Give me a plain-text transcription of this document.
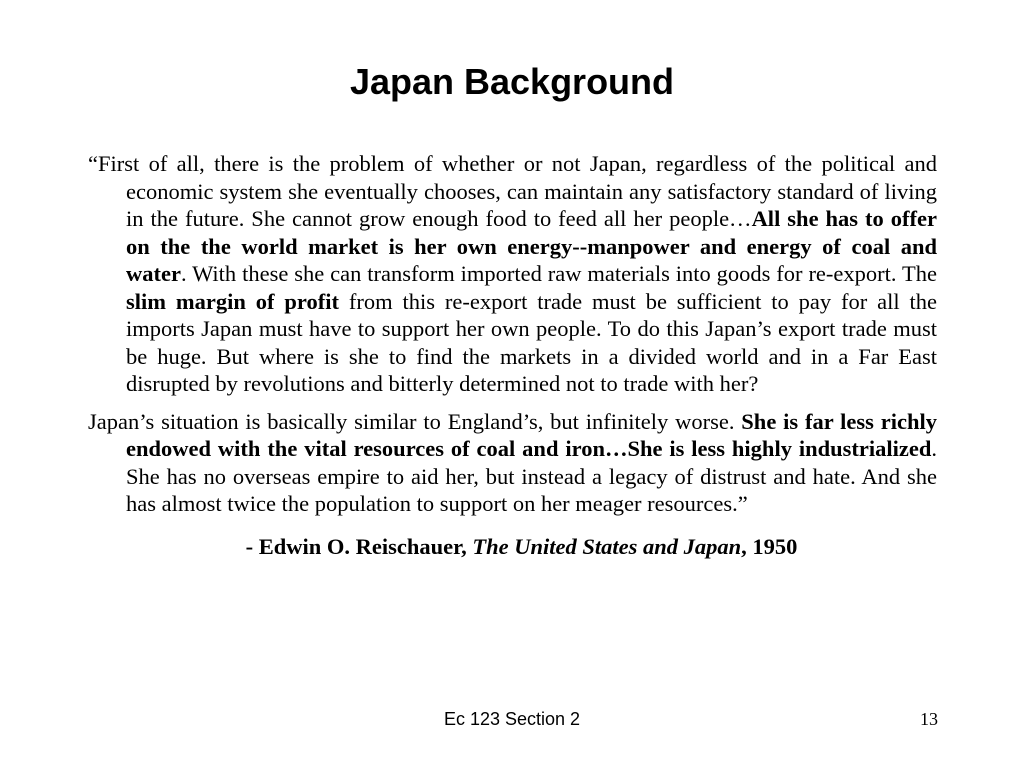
Japan Background

“First of all, there is the problem of whether or not Japan, regardless of the political and economic system she eventually chooses, can maintain any satisfactory standard of living in the future. She cannot grow enough food to feed all her people…All she has to offer on the the world market is her own energy--manpower and energy of coal and water. With these she can transform imported raw materials into goods for re-export. The slim margin of profit from this re-export trade must be sufficient to pay for all the imports Japan must have to support her own people. To do this Japan’s export trade must be huge. But where is she to find the markets in a divided world and in a Far East disrupted by revolutions and bitterly determined not to trade with her?

Japan’s situation is basically similar to England’s, but infinitely worse. She is far less richly endowed with the vital resources of coal and iron…She is less highly industrialized. She has no overseas empire to aid her, but instead a legacy of distrust and hate. And she has almost twice the population to support on her meager resources.”

- Edwin O. Reischauer, The United States and Japan, 1950

Ec 123 Section 2	13
